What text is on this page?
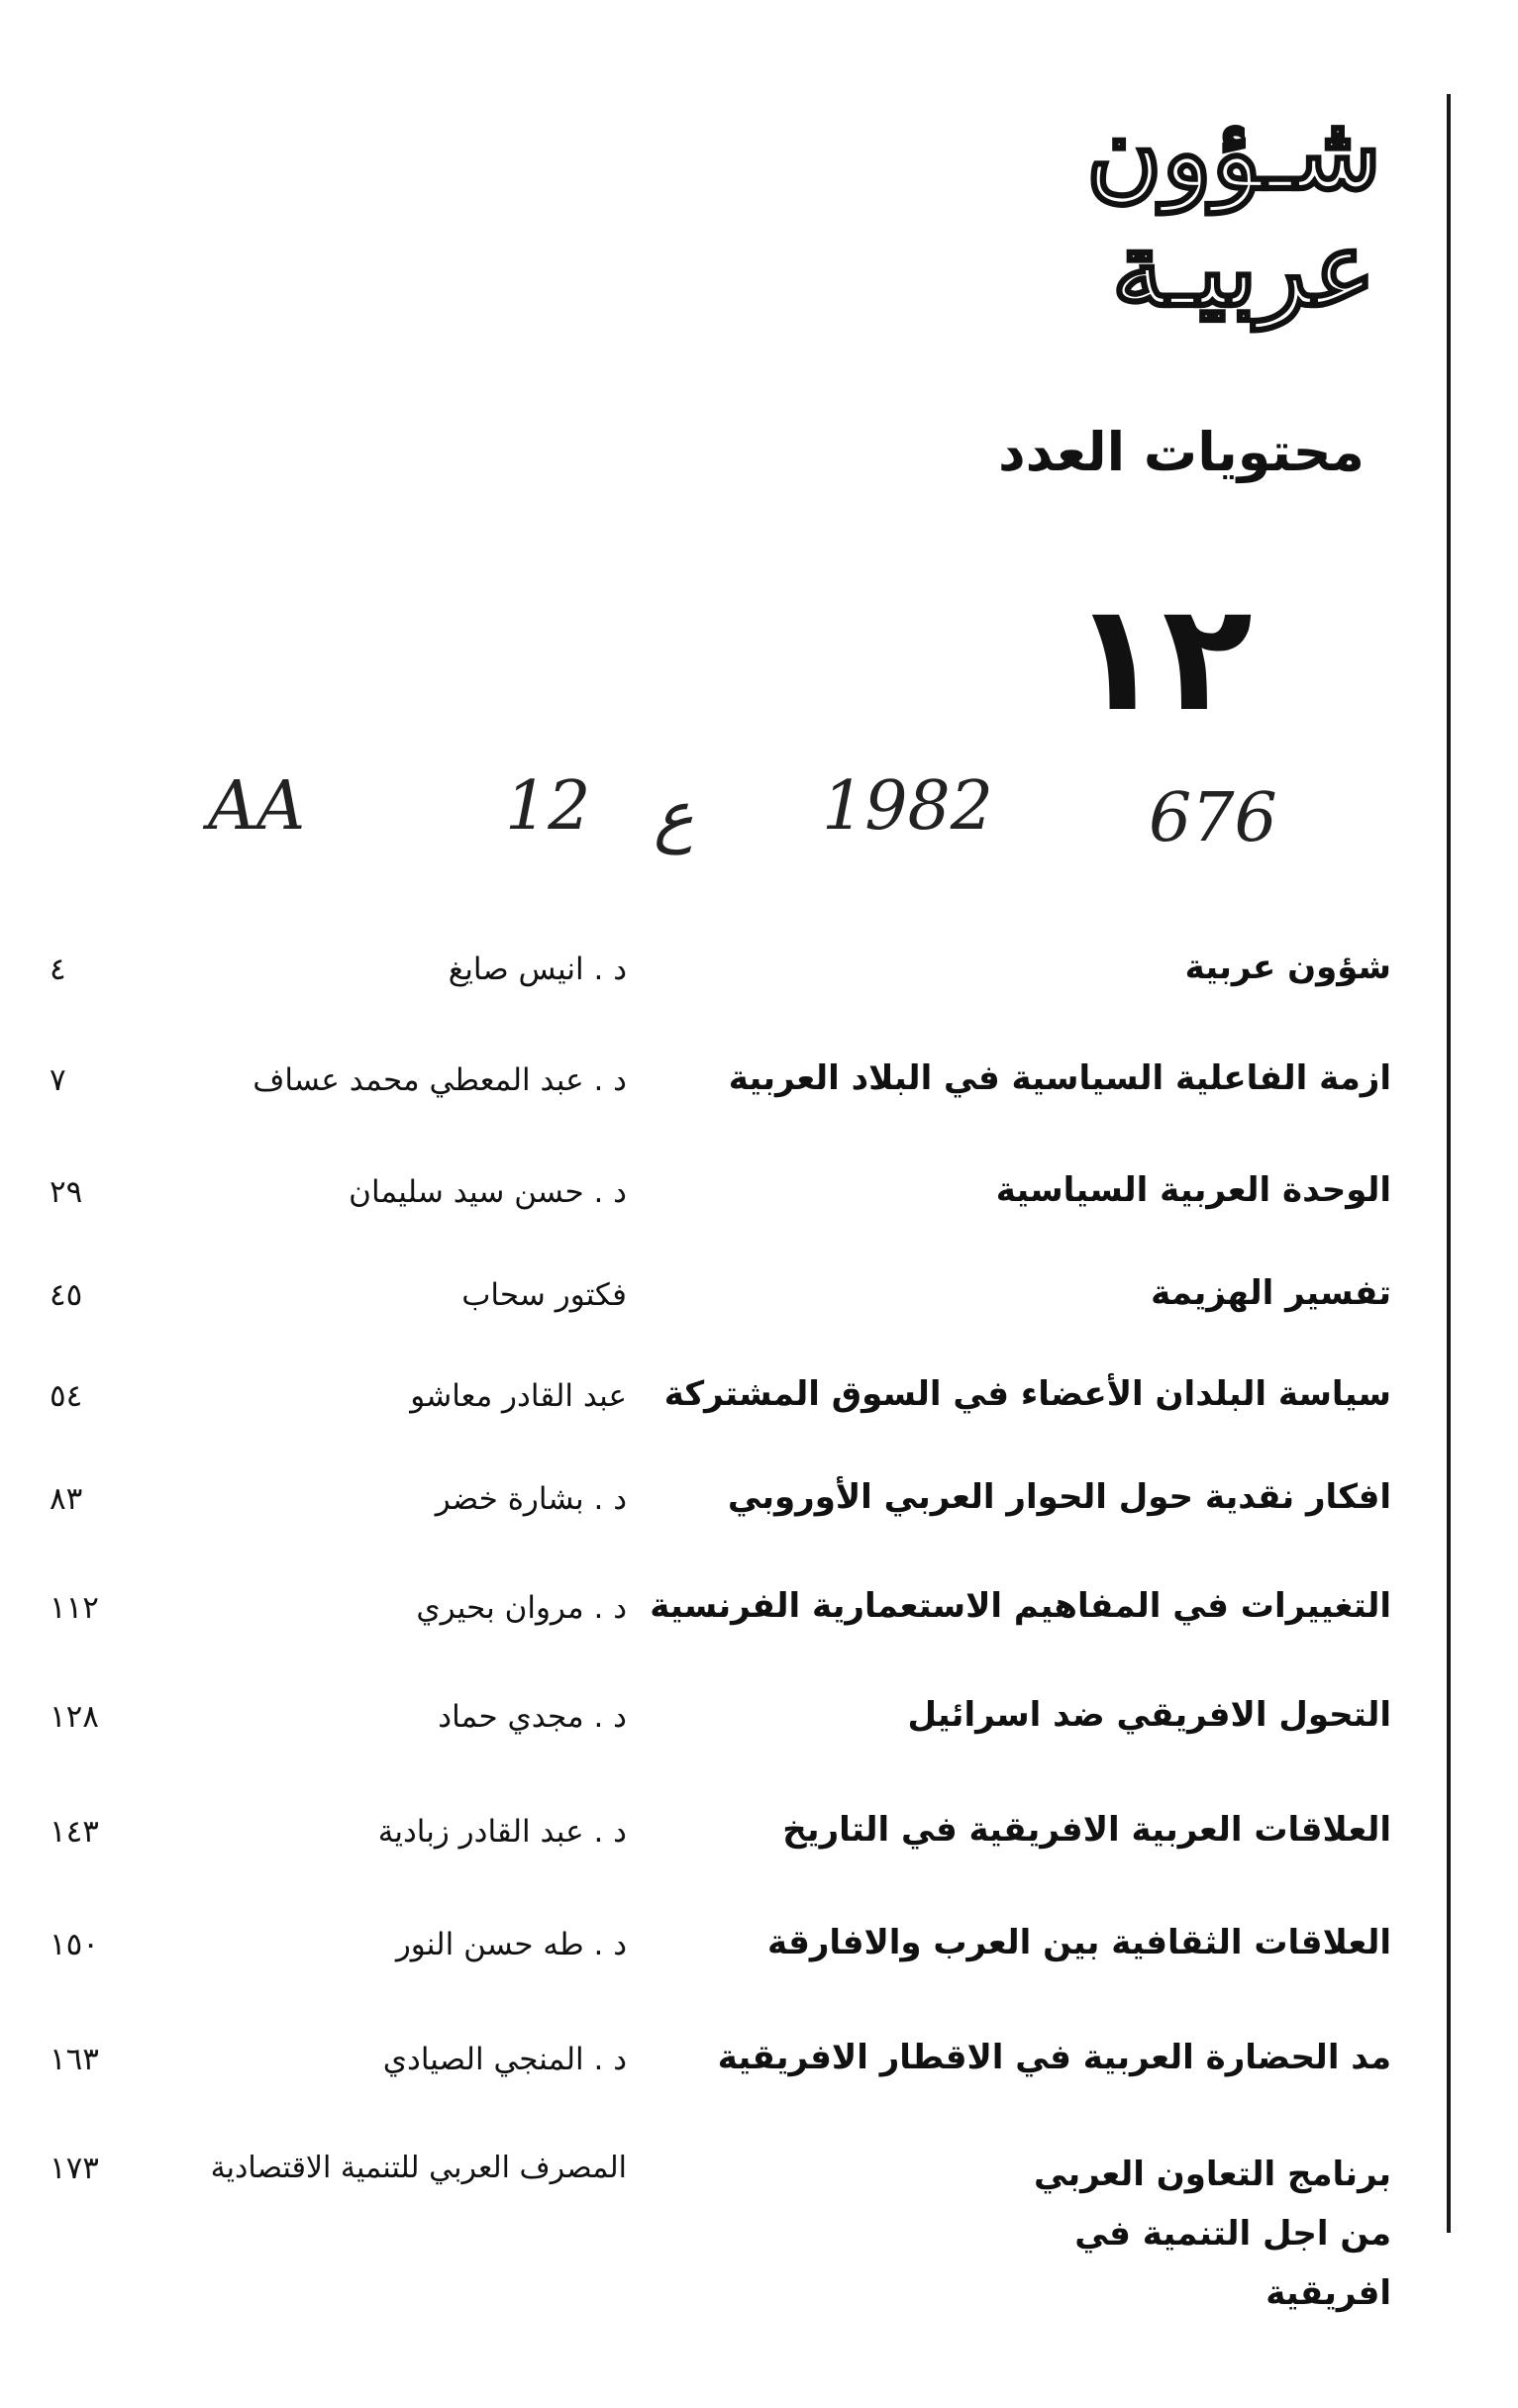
شـؤون
عربيـة
محتويات العدد
١٢
AA	12 ع 1982 676
شؤون عربية
د . انيس صايغ
٤
ازمة الفاعلية السياسية في البلاد العربية
د . عبد المعطي محمد عساف
٧
الوحدة العربية السياسية
د . حسن سيد سليمان
٢٩
تفسير الهزيمة
فكتور سحاب
٤٥
سياسة البلدان الأعضاء في السوق المشتركة
عبد القادر معاشو
٥٤
افكار نقدية حول الحوار العربي الأوروبي
د . بشارة خضر
٨٣
التغييرات في المفاهيم الاستعمارية الفرنسية
د . مروان بحيري
١١٢
التحول الافريقي ضد اسرائيل
د . مجدي حماد
١٢٨
العلاقات العربية الافريقية في التاريخ
د . عبد القادر زبادية
١٤٣
العلاقات الثقافية بين العرب والافارقة
د . طه حسن النور
١٥٠
مد الحضارة العربية في الاقطار الافريقية
د . المنجي الصيادي
١٦٣
برنامج التعاون العربي من اجل التنمية في افريقية
المصرف العربي للتنمية الاقتصادية
١٧٣
